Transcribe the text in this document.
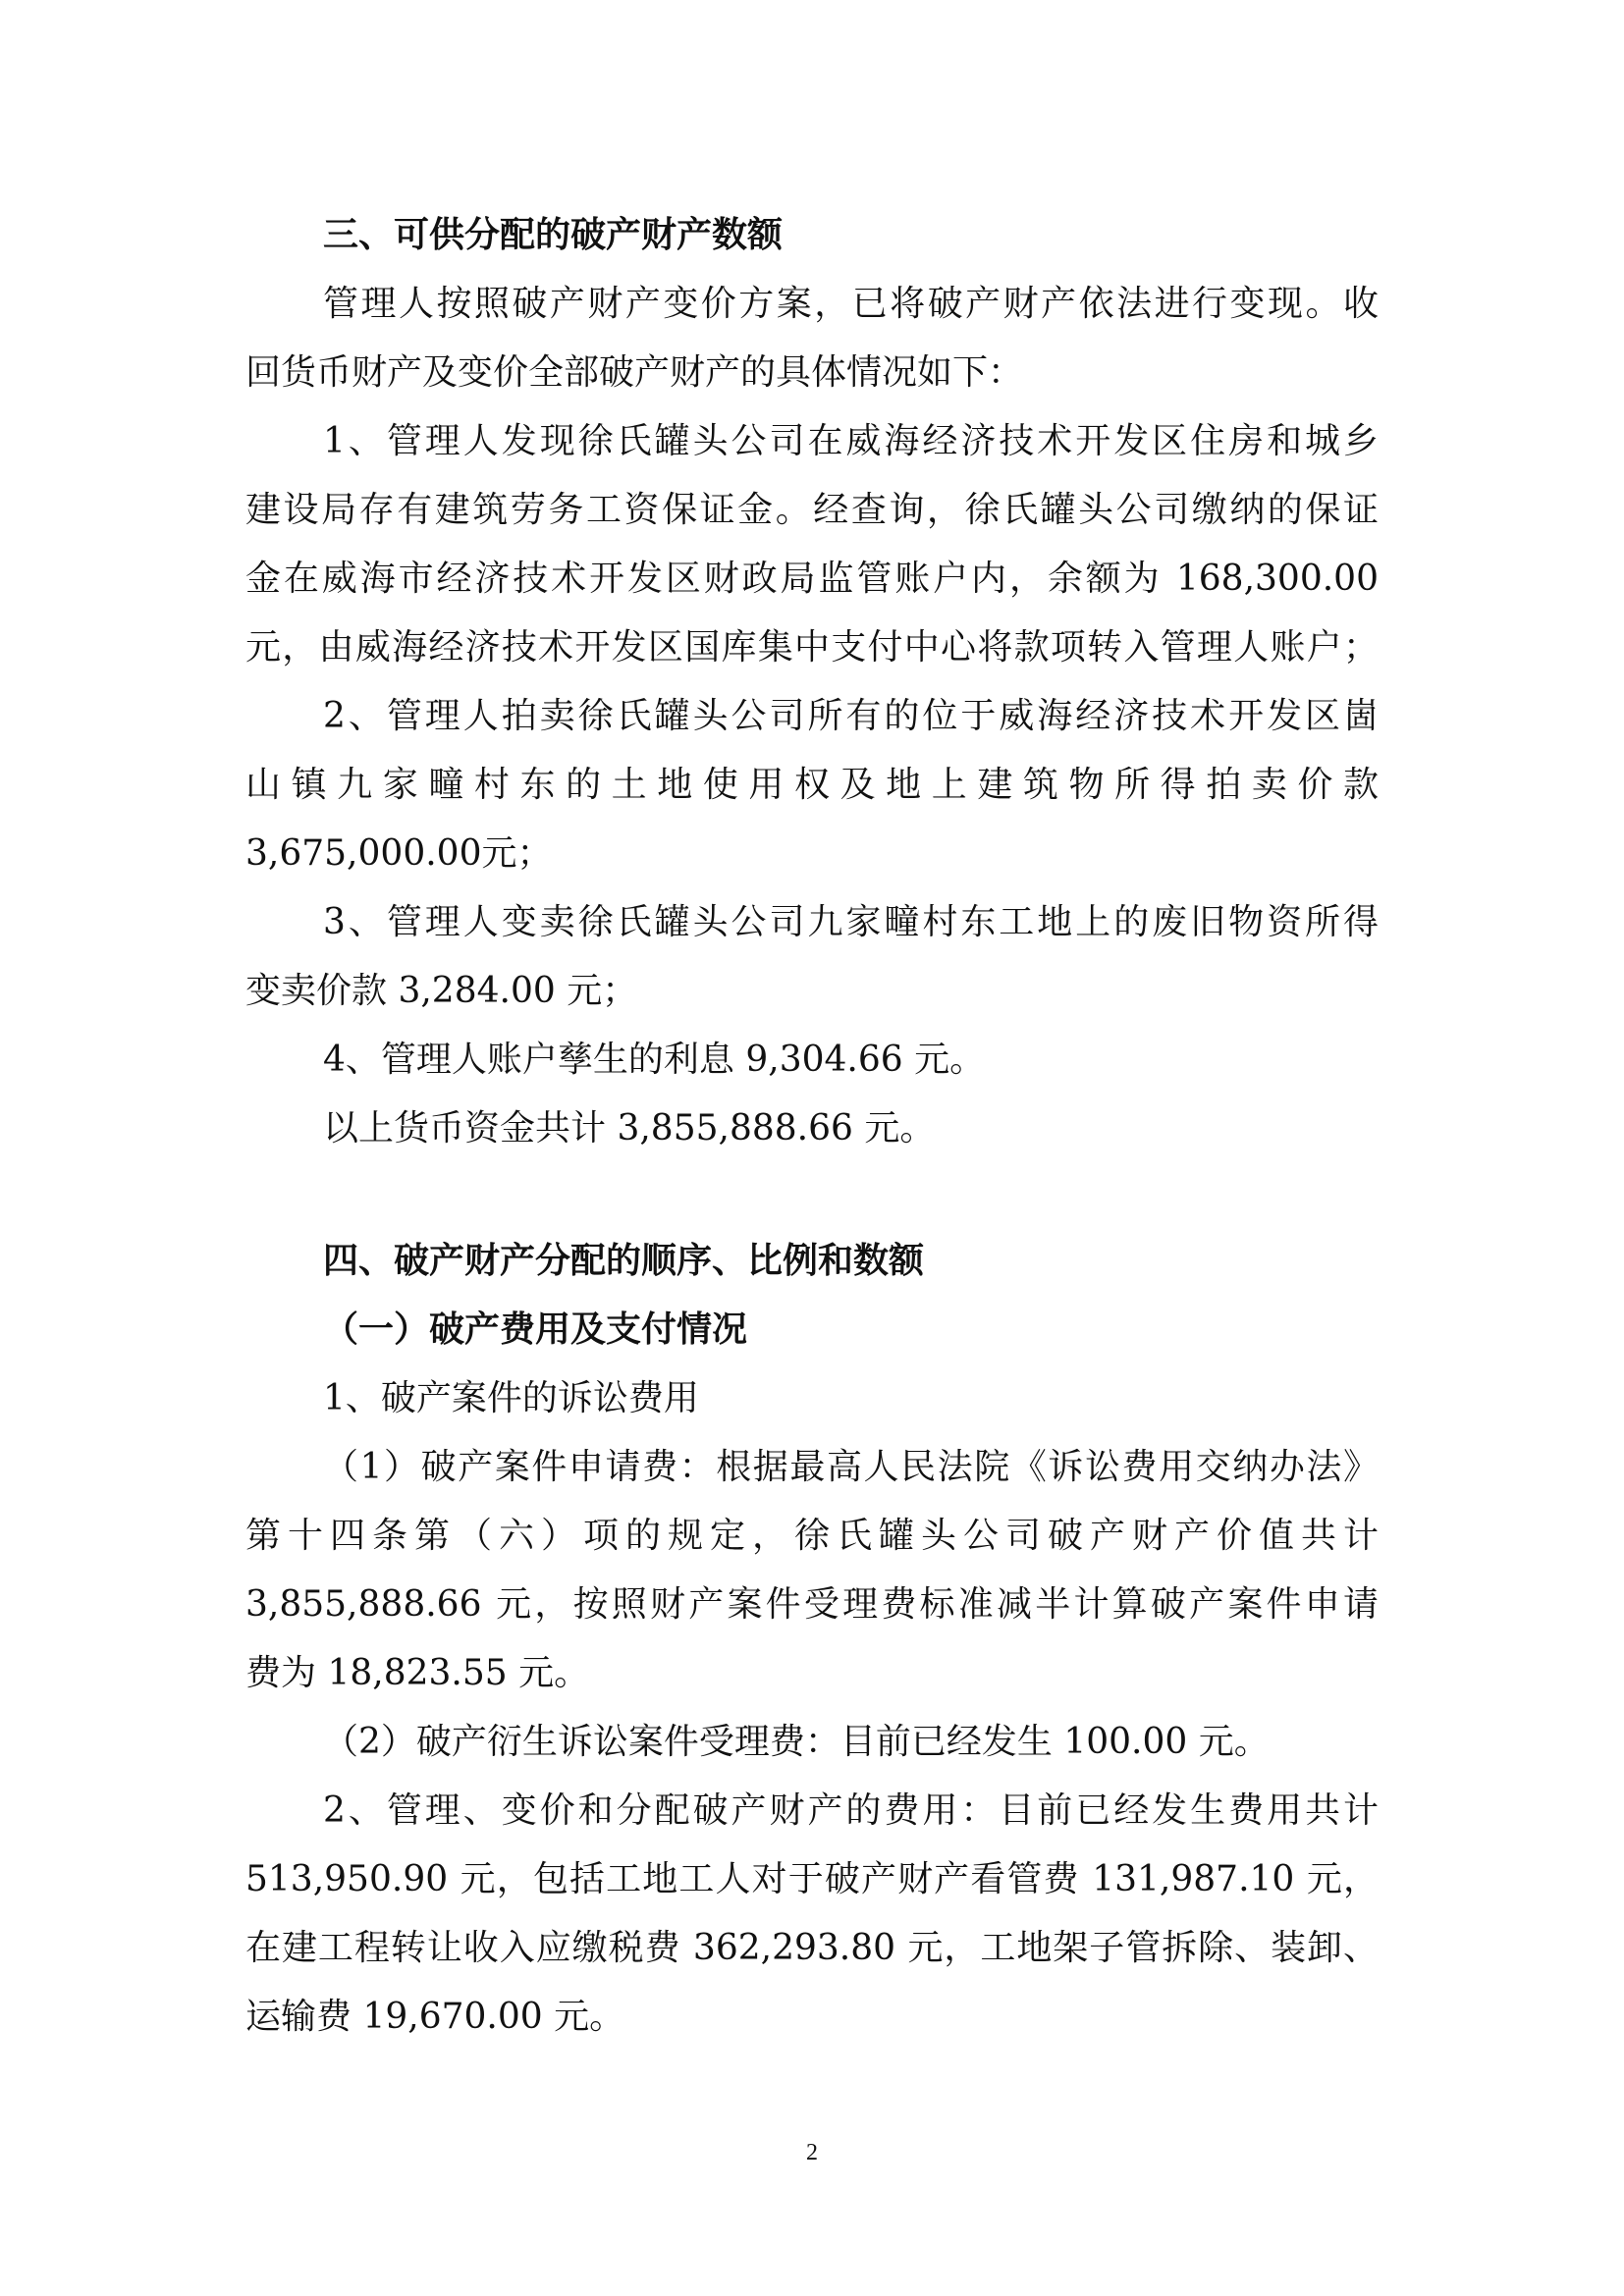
三、可供分配的破产财产数额
管理人按照破产财产变价方案，已将破产财产依法进行变现。收
回货币财产及变价全部破产财产的具体情况如下：
1、管理人发现徐氏罐头公司在威海经济技术开发区住房和城乡
建设局存有建筑劳务工资保证金。经查询，徐氏罐头公司缴纳的保证
金在威海市经济技术开发区财政局监管账户内，余额为 168,300.00
元，由威海经济技术开发区国库集中支付中心将款项转入管理人账户；
2、管理人拍卖徐氏罐头公司所有的位于威海经济技术开发区崮
山镇九家疃村东的土地使用权及地上建筑物所得拍卖价款
3,675,000.00元；
3、管理人变卖徐氏罐头公司九家疃村东工地上的废旧物资所得
变卖价款 3,284.00 元；
4、管理人账户孳生的利息 9,304.66 元。
以上货币资金共计 3,855,888.66 元。
四、破产财产分配的顺序、比例和数额
（一）破产费用及支付情况
1、破产案件的诉讼费用
（1）破产案件申请费：根据最高人民法院《诉讼费用交纳办法》
第十四条第（六）项的规定，徐氏罐头公司破产财产价值共计
3,855,888.66 元，按照财产案件受理费标准减半计算破产案件申请
费为 18,823.55 元。
（2）破产衍生诉讼案件受理费：目前已经发生 100.00 元。
2、管理、变价和分配破产财产的费用：目前已经发生费用共计
513,950.90 元，包括工地工人对于破产财产看管费 131,987.10 元，
在建工程转让收入应缴税费 362,293.80 元，工地架子管拆除、装卸、
运输费 19,670.00 元。
2
